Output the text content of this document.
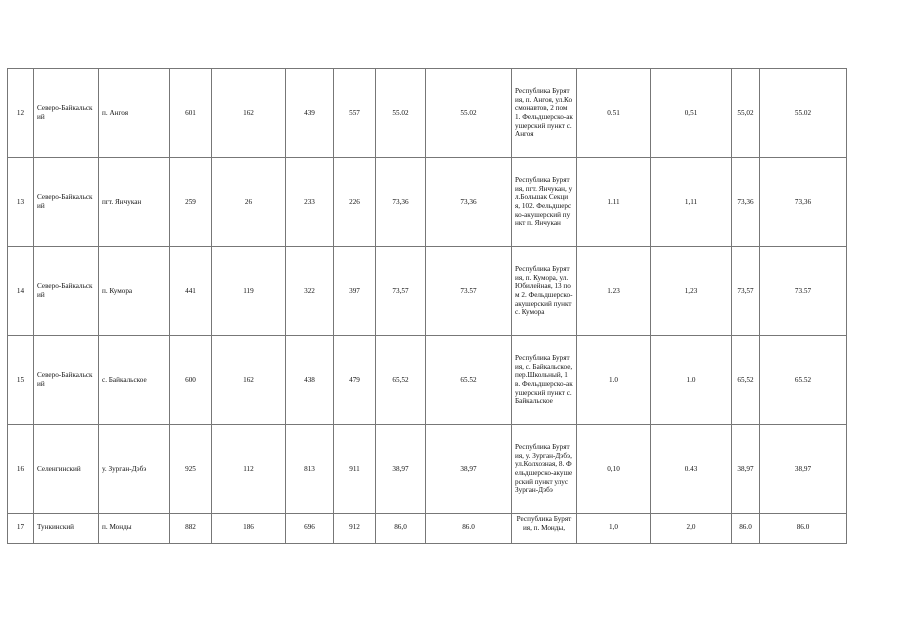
12	Северо-Байкальский	п. Ангоя	601	162	439	557	55.02	55.02	Республика Бурятия, п. Ангоя, ул.Космонавтов, 2 пом 1. Фельдшерско-акушерский пункт с. Ангоя	0.51	0,51	55,02	55.02
13	Северо-Байкальский	пгт. Янчукан	259	26	233	226	73,36	73,36	Республика Бурятия, пгт. Янчукан, ул.Большак Секция, 102. Фельдшерско-акушерский пункт п. Янчукан	1.11	1,11	73,36	73,36
14	Северо-Байкальский	п. Кумора	441	119	322	397	73,57	73.57	Республика Бурятия, п. Кумора, ул.Юбилейная, 13 пом 2. Фельдшерско-акушерский пункт с. Кумора	1.23	1,23	73,57	73.57
15	Северо-Байкальский	с. Байкальское	600	162	438	479	65,52	65.52	Республика Бурятия, с. Байкальское, пер.Школьный, 1в. Фельдшерско-акушерский пункт с. Байкальское	1.0	1.0	65,52	65.52
16	Селенгинский	у. Зурган-Дэбэ	925	112	813	911	38,97	38,97	Республика Бурятия, у. Зурган-Дэбэ, ул.Колхозная, 8. Фельдшерско-акушерский пункт улус Зурган-Дэбэ	0,10	0.43	38,97	38,97
17	Тункинский	п. Монды	882	186	696	912	86,0	86.0	Республика Бурятия, п. Монды,	1,0	2,0	86.0	86.0
